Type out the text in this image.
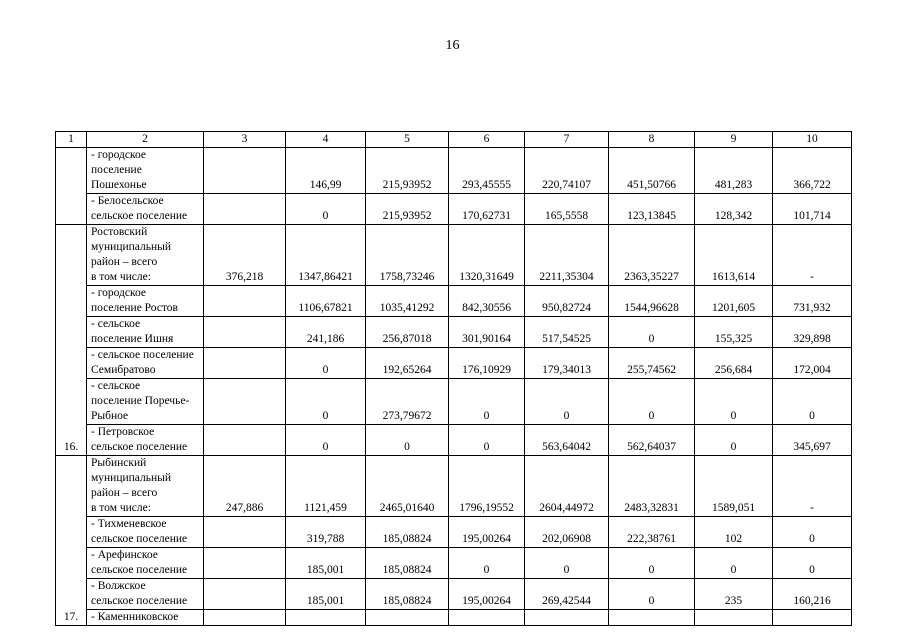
16
1	2	3	4	5	6	7	8	9	10

	- городское
поселение
Пошехонье		146,99	215,93952	293,45555	220,74107	451,50766	481,283	366,722

	- Белосельское
сельское поселение		0	215,93952	170,62731	165,5558	123,13845	128,342	101,714
16.	Ростовский
муниципальный
район – всего
в том числе:	376,218	1347,86421	1758,73246	1320,31649	2211,35304	2363,35227	1613,614	-

	- городское
поселение Ростов		1106,67821	1035,41292	842,30556	950,82724	1544,96628	1201,605	731,932

	- сельское
поселение Ишня		241,186	256,87018	301,90164	517,54525	0	155,325	329,898

	- сельское поселение
Семибратово		0	192,65264	176,10929	179,34013	255,74562	256,684	172,004

	- сельское
поселение Поречье-
Рыбное		0	273,79672	0	0	0	0	0

	- Петровское
сельское поселение		0	0	0	563,64042	562,64037	0	345,697
17.	Рыбинский
муниципальный
район – всего
в том числе:	247,886	1121,459	2465,01640	1796,19552	2604,44972	2483,32831	1589,051	-

	- Тихменевское
сельское поселение		319,788	185,08824	195,00264	202,06908	222,38761	102	0

	- Арефинское
сельское поселение		185,001	185,08824	0	0	0	0	0

	- Волжское
сельское поселение		185,001	185,08824	195,00264	269,42544	0	235	160,216

	- Каменниковское								
